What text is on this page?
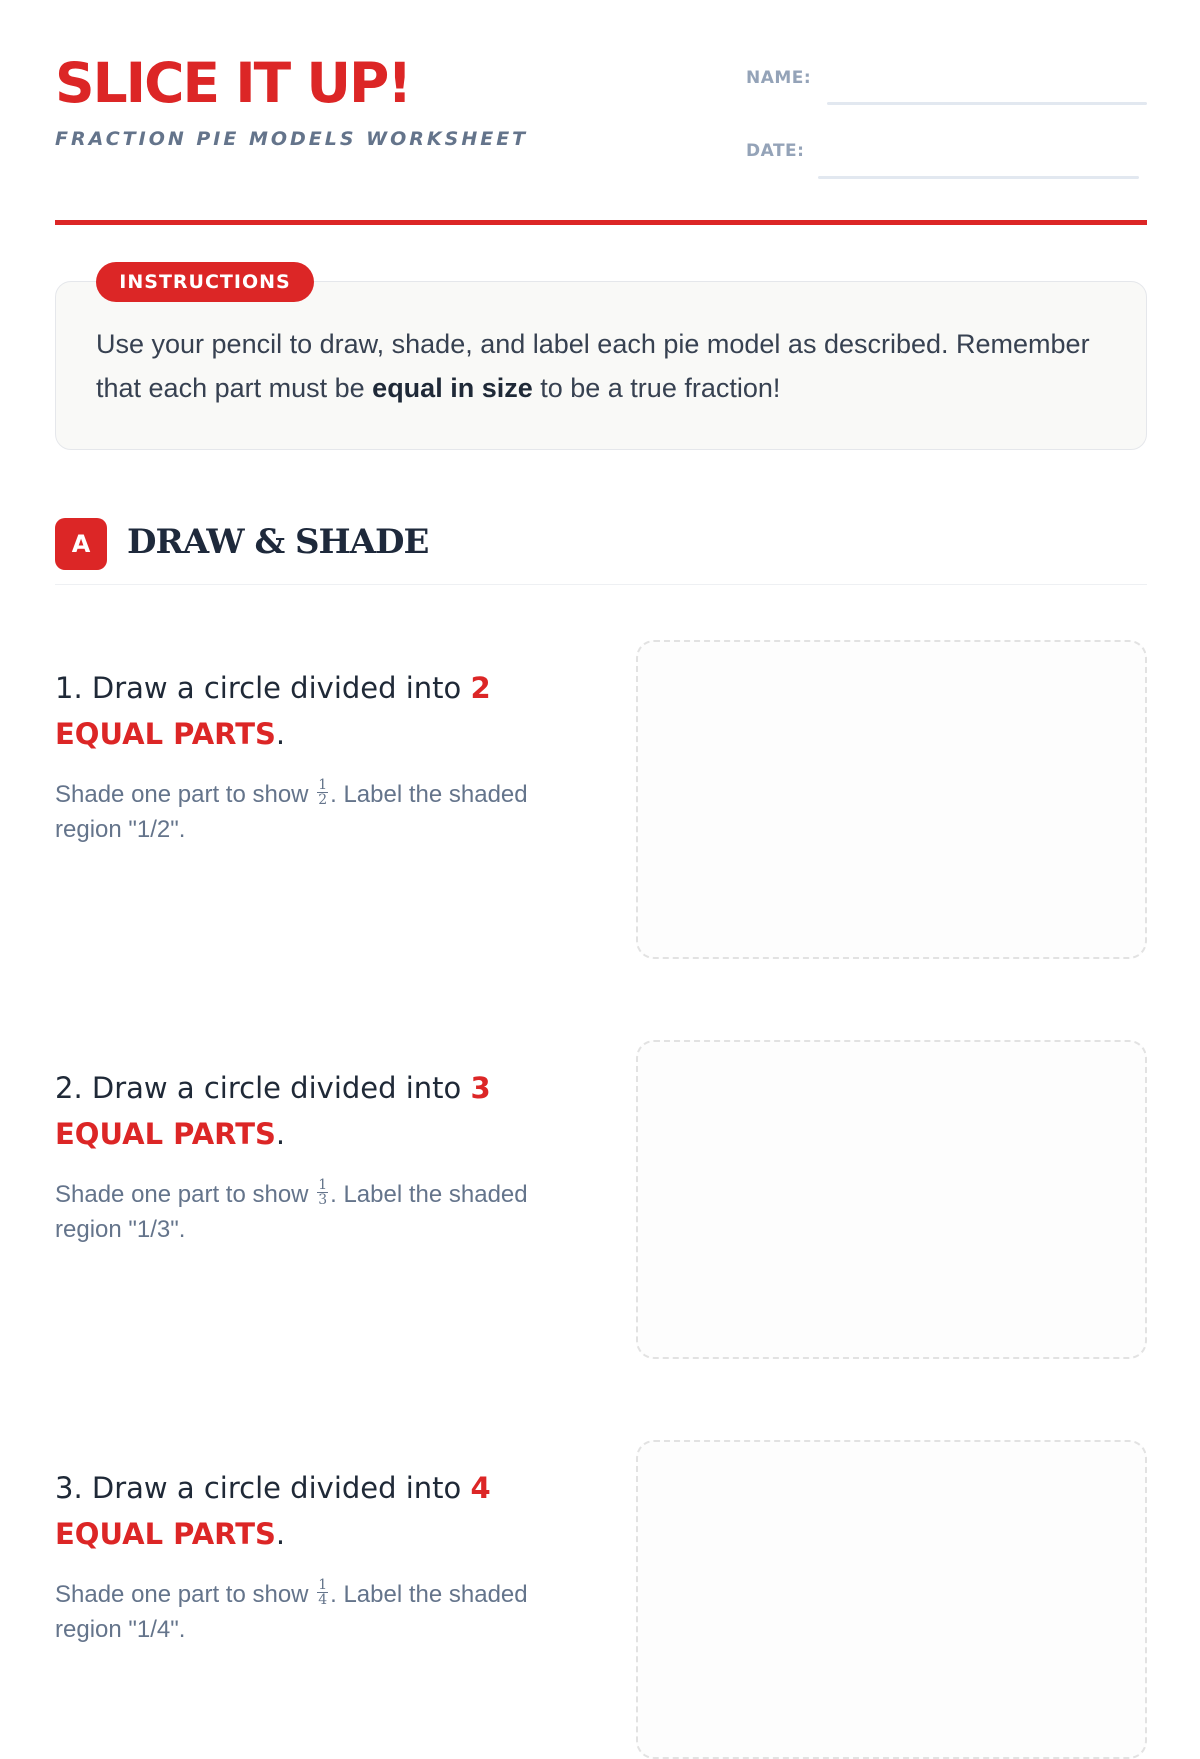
SLICE IT UP!
FRACTION PIE MODELS WORKSHEET
NAME:
DATE:
INSTRUCTIONS
Use your pencil to draw, shade, and label each pie model as described. Remember that each part must be equal in size to be a true fraction!
A	DRAW & SHADE
1. Draw a circle divided into 2
EQUAL PARTS.
Shade one part to show $\frac{1}{2}$ . Label the shaded region "1/2".
2. Draw a circle divided into 3
EQUAL PARTS.
Shade one part to show $\frac{1}{3}$ . Label the shaded region "1/3".
3. Draw a circle divided into 4
EQUAL PARTS.
Shade one part to show $\frac{1}{4}$ . Label the shaded region "1/4".
